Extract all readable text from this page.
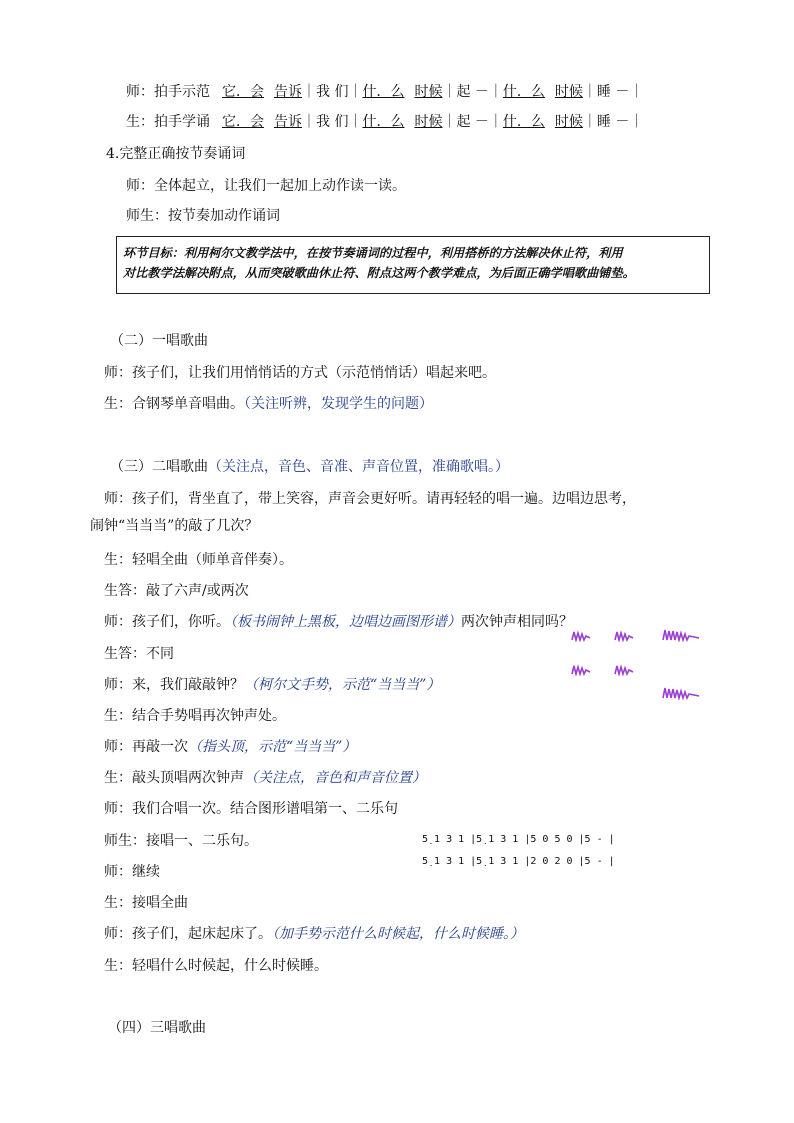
师：拍手示范 它．会 告诉｜我 们｜什．么 时候｜起 －｜什．么 时候｜睡 －｜
生：拍手学诵 它．会 告诉｜我 们｜什．么 时候｜起 －｜什．么 时候｜睡 －｜
4.完整正确按节奏诵词
师：全体起立，让我们一起加上动作读一读。
师生：按节奏加动作诵词
环节目标：利用柯尔文教学法中，在按节奏诵词的过程中，利用搭桥的方法解决休止符，利用
对比教学法解决附点，从而突破歌曲休止符、附点这两个教学难点，为后面正确学唱歌曲铺垫。
（二）一唱歌曲
师：孩子们，让我们用悄悄话的方式（示范悄悄话）唱起来吧。
生：合钢琴单音唱曲。（关注听辨，发现学生的问题）
（三）二唱歌曲（关注点，音色、音准、声音位置，准确歌唱。）
师：孩子们，背坐直了，带上笑容，声音会更好听。请再轻轻的唱一遍。边唱边思考，
闹钟“当当当”的敲了几次？
生：轻唱全曲（师单音伴奏）。
生答：敲了六声/或两次
师：孩子们，你听。（板书闹钟上黑板，边唱边画图形谱）两次钟声相同吗？
生答：不同
师：来，我们敲敲钟？（柯尔文手势，示范“当当当”）
生：结合手势唱再次钟声处。
师：再敲一次（指头顶，示范“当当当”）
生：敲头顶唱两次钟声（关注点，音色和声音位置）
师：我们合唱一次。结合图形谱唱第一、二乐句
师生：接唱一、二乐句。
师：继续
生：接唱全曲
师：孩子们，起床起床了。（加手势示范什么时候起，什么时候睡。）
生：轻唱什么时候起，什么时候睡。
（四）三唱歌曲
5̣ 1 3 1 |5̣ 1 3 1 |5 0 5 0 |5 - |
5̣ 1 3 1 |5̣ 1 3 1 |2 0 2 0 |5 - |
